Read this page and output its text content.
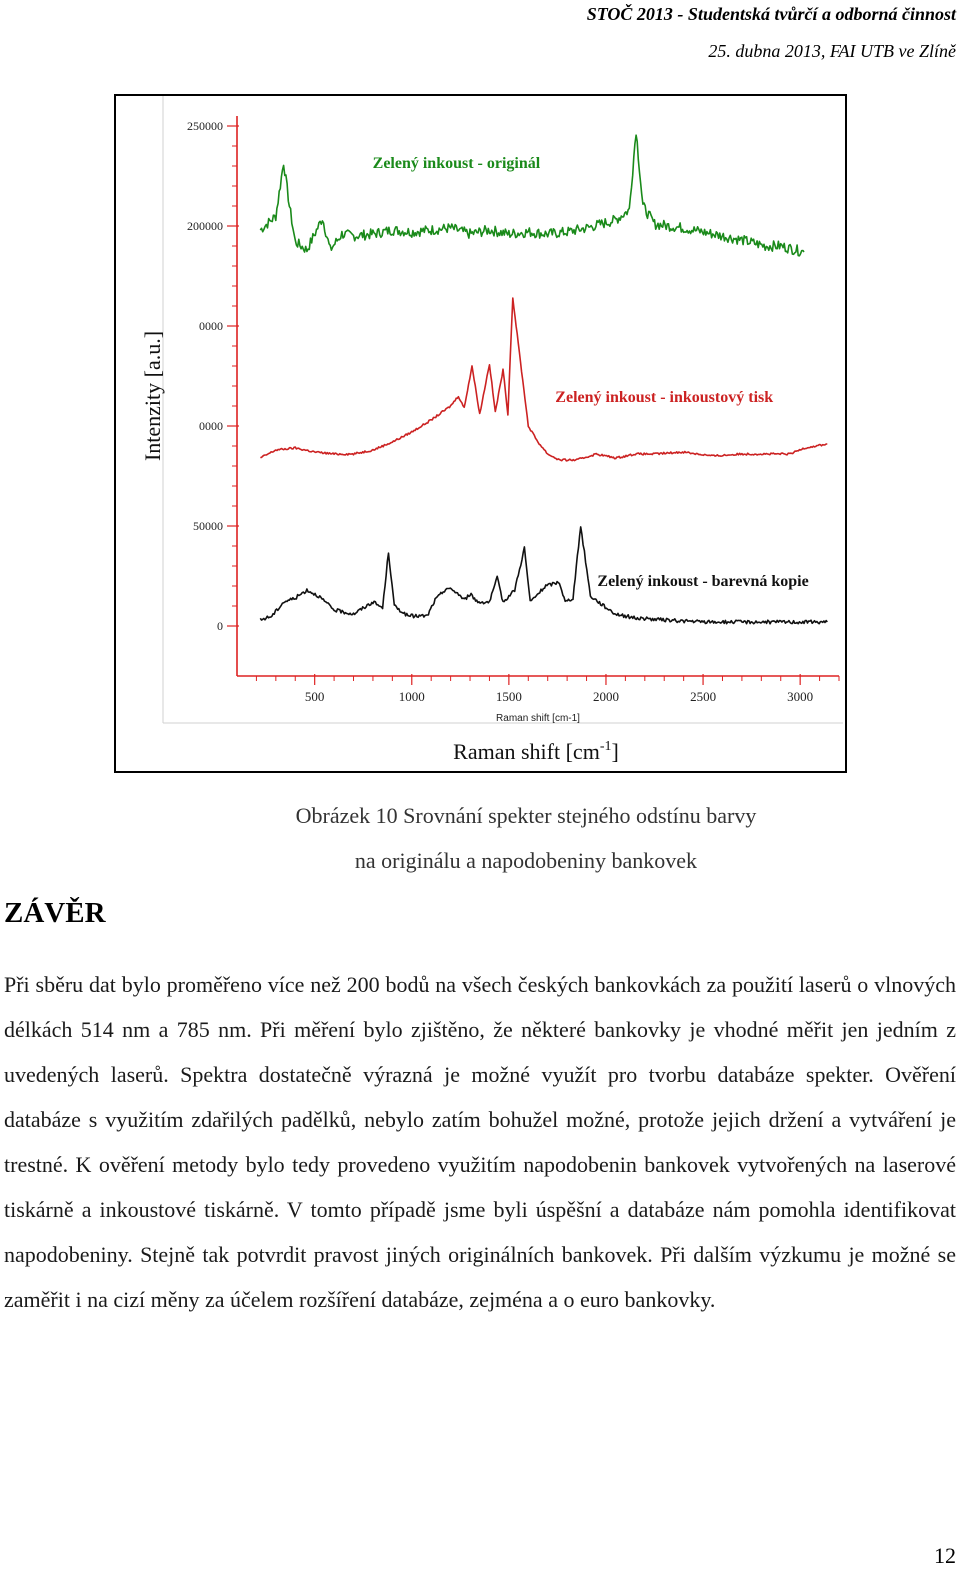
STOČ 2013 - Studentská tvůrčí a odborná činnost
25. dubna 2013, FAI UTB ve Zlíně
0
50000
0000
0000
200000
250000
500	1000	1500	2000	2500	3000
Raman shift [cm-1]
Intenzity [a.u.]
Raman shift $[cm^{-1}]$
Zelený inkoust - originál
Zelený inkoust - inkoustový tisk
Zelený inkoust - barevná kopie
Obrázek 10 Srovnání spekter stejného odstínu barvy
na originálu a napodobeniny bankovek
ZÁVĚR
Při sběru dat bylo proměřeno více než 200 bodů na všech českých bankovkách za použití laserů o vlnových délkách 514 nm a 785 nm. Při měření bylo zjištěno, že některé bankovky je vhodné měřit jen jedním z uvedených laserů. Spektra dostatečně výrazná je možné využít pro tvorbu databáze spekter. Ověření databáze s využitím zdařilých padělků, nebylo zatím bohužel možné, protože jejich držení a vytváření je trestné. K ověření metody bylo tedy provedeno využitím napodobenin bankovek vytvořených na laserové tiskárně a inkoustové tiskárně. V tomto případě jsme byli úspěšní a databáze nám pomohla identifikovat napodobeniny. Stejně tak potvrdit pravost jiných originálních bankovek. Při dalším výzkumu je možné se zaměřit i na cizí měny za účelem rozšíření databáze, zejména a o euro bankovky.
12
